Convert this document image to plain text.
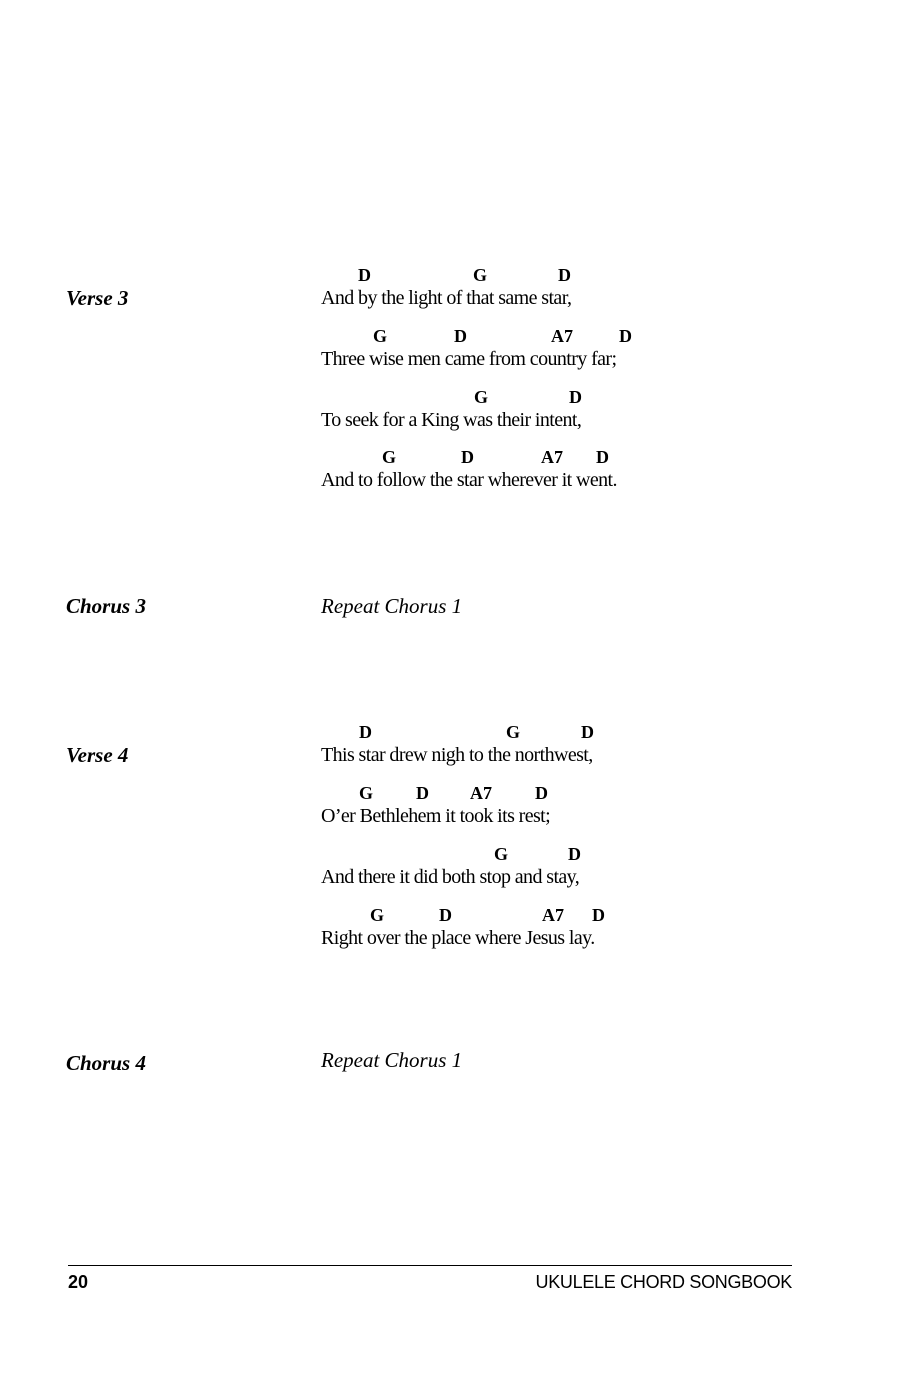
Verse 3
D	G	D
And by the light of that same star,
G	D	A7	D
Three wise men came from country far;
G	D
To seek for a King was their intent,
G	D	A7 D
And to follow the star wherever it went.
Chorus 3	Repeat Chorus 1
Verse 4
D	G	D
This star drew nigh to the northwest,
G D A7 D
O’er Bethlehem it took its rest;
G	D
And there it did both stop and stay,
G	D	A7 D
Right over the place where Jesus lay.
Chorus 4	Repeat Chorus 1
20	UKULELE CHORD SONGBOOK
